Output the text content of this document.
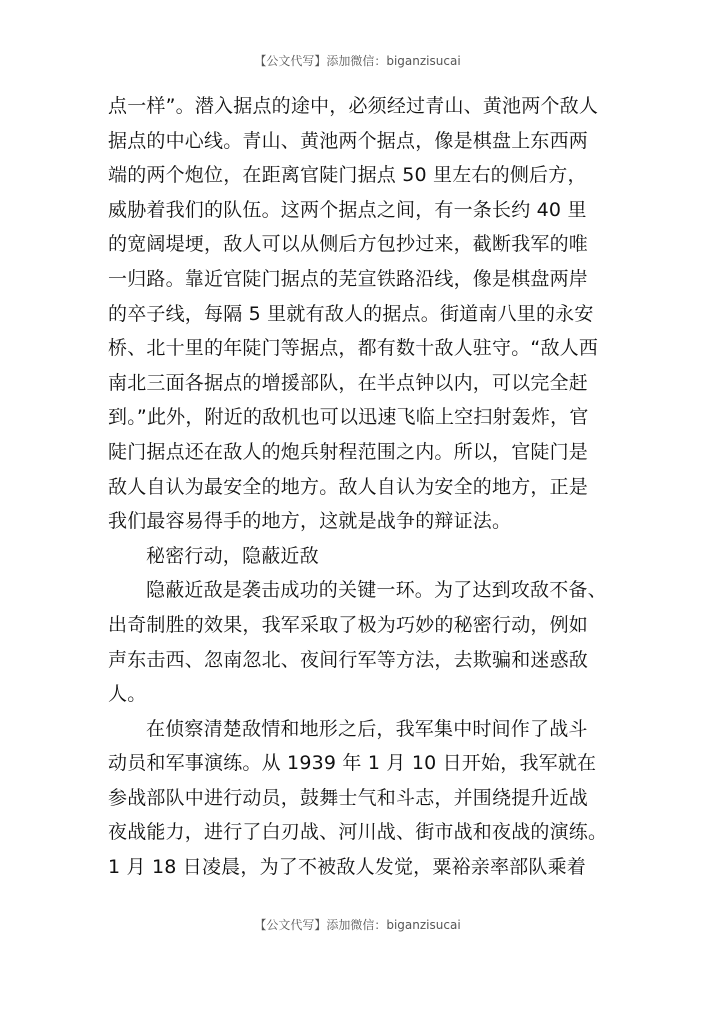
【公文代写】添加微信：biganzisucai
点一样”。潜入据点的途中，必须经过青山、黄池两个敌人
据点的中心线。青山、黄池两个据点，像是棋盘上东西两
端的两个炮位，在距离官陡门据点 50 里左右的侧后方，
威胁着我们的队伍。这两个据点之间，有一条长约 40 里
的宽阔堤埂，敌人可以从侧后方包抄过来，截断我军的唯
一归路。靠近官陡门据点的芜宣铁路沿线，像是棋盘两岸
的卒子线，每隔 5 里就有敌人的据点。街道南八里的永安
桥、北十里的年陡门等据点，都有数十敌人驻守。“敌人西
南北三面各据点的增援部队，在半点钟以内，可以完全赶
到。”此外，附近的敌机也可以迅速飞临上空扫射轰炸，官
陡门据点还在敌人的炮兵射程范围之内。所以，官陡门是
敌人自认为最安全的地方。敌人自认为安全的地方，正是
我们最容易得手的地方，这就是战争的辩证法。
秘密行动，隐蔽近敌
隐蔽近敌是袭击成功的关键一环。为了达到攻敌不备、
出奇制胜的效果，我军采取了极为巧妙的秘密行动，例如
声东击西、忽南忽北、夜间行军等方法，去欺骗和迷惑敌
人。
在侦察清楚敌情和地形之后，我军集中时间作了战斗
动员和军事演练。从 1939 年 1 月 10 日开始，我军就在
参战部队中进行动员，鼓舞士气和斗志，并围绕提升近战
夜战能力，进行了白刃战、河川战、街市战和夜战的演练。
1 月 18 日凌晨，为了不被敌人发觉，粟裕亲率部队乘着
【公文代写】添加微信：biganzisucai
